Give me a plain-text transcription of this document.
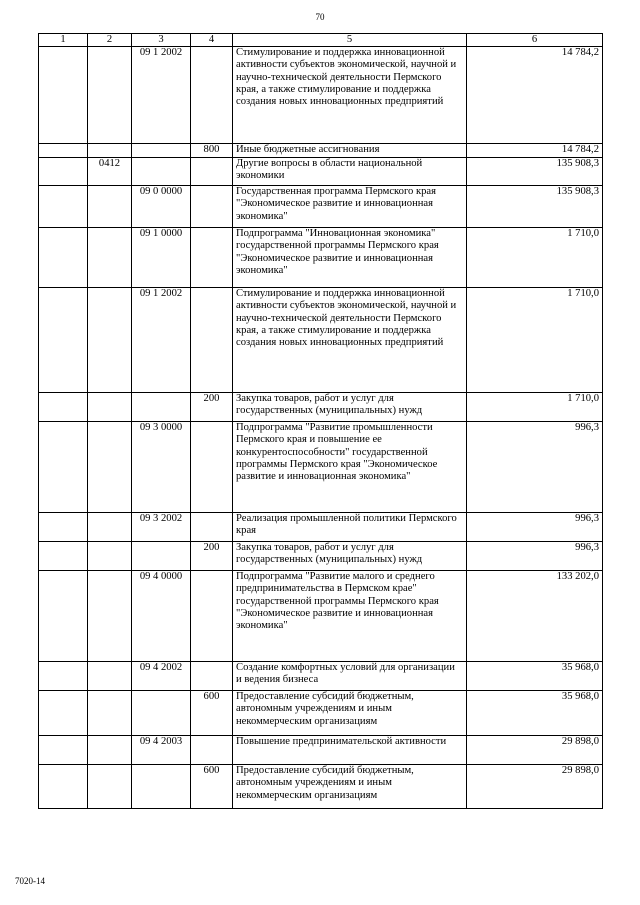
70
1	2	3	4	5	6
		09 1 2002		Стимулирование и поддержка инновационной активности субъектов экономической, научной и научно-технической деятельности Пермского края, а также стимулирование и поддержка создания новых инновационных предприятий	14 784,2
			800	Иные бюджетные ассигнования	14 784,2
	0412			Другие вопросы в области национальной экономики	135 908,3
		09 0 0000		Государственная программа Пермского края "Экономическое развитие и инновационная экономика"	135 908,3
		09 1 0000		Подпрограмма "Инновационная экономика" государственной программы Пермского края "Экономическое развитие и инновационная экономика"	1 710,0
		09 1 2002		Стимулирование и поддержка инновационной активности субъектов экономической, научной и научно-технической деятельности Пермского края, а также стимулирование и поддержка создания новых инновационных предприятий	1 710,0
			200	Закупка товаров, работ и услуг для государственных (муниципальных) нужд	1 710,0
		09 3 0000		Подпрограмма "Развитие промышленности Пермского края и повышение ее конкурентоспособности" государственной программы Пермского края "Экономическое развитие и инновационная экономика"	996,3
		09 3 2002		Реализация промышленной политики Пермского края	996,3
			200	Закупка товаров, работ и услуг для государственных (муниципальных) нужд	996,3
		09 4 0000		Подпрограмма "Развитие малого и среднего предпринимательства в Пермском крае" государственной программы Пермского края "Экономическое развитие и инновационная экономика"	133 202,0
		09 4 2002		Создание комфортных условий для организации и ведения бизнеса	35 968,0
			600	Предоставление субсидий бюджетным, автономным учреждениям и иным некоммерческим организациям	35 968,0
		09 4 2003		Повышение предпринимательской активности	29 898,0
			600	Предоставление субсидий бюджетным, автономным учреждениям и иным некоммерческим организациям	29 898,0
7020-14
